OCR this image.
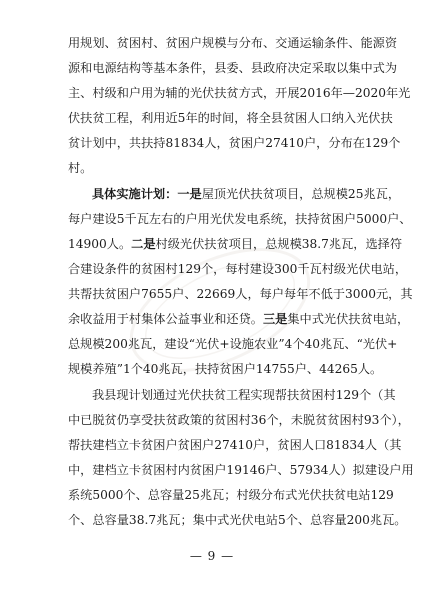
用规划、贫困村、贫困户规模与分布、交通运输条件、能源资
源和电源结构等基本条件，县委、县政府决定采取以集中式为
主、村级和户用为辅的光伏扶贫方式，开展2016年—2020年光
伏扶贫工程，利用近5年的时间，将全县贫困人口纳入光伏扶
贫计划中，共扶持81834人，贫困户27410户，分布在129个
村。
具体实施计划：一是屋顶光伏扶贫项目，总规模25兆瓦，
每户建设5千瓦左右的户用光伏发电系统，扶持贫困户5000户、
14900人。二是村级光伏扶贫项目，总规模38.7兆瓦，选择符
合建设条件的贫困村129个，每村建设300千瓦村级光伏电站，
共帮扶贫困户7655户、22669人，每户每年不低于3000元，其
余收益用于村集体公益事业和还贷。三是集中式光伏扶贫电站，
总规模200兆瓦，建设“光伏+设施农业”4个40兆瓦、“光伏+
规模养殖”1个40兆瓦，扶持贫困户14755户、44265人。
我县现计划通过光伏扶贫工程实现帮扶贫困村129个（其
中已脱贫仍享受扶贫政策的贫困村36个，未脱贫贫困村93个），
帮扶建档立卡贫困户贫困户27410户，贫困人口81834人（其
中，建档立卡贫困村内贫困户19146户、57934人）拟建设户用
系统5000个、总容量25兆瓦；村级分布式光伏扶贫电站129
个、总容量38.7兆瓦；集中式光伏电站5个、总容量200兆瓦。
— 9 —
